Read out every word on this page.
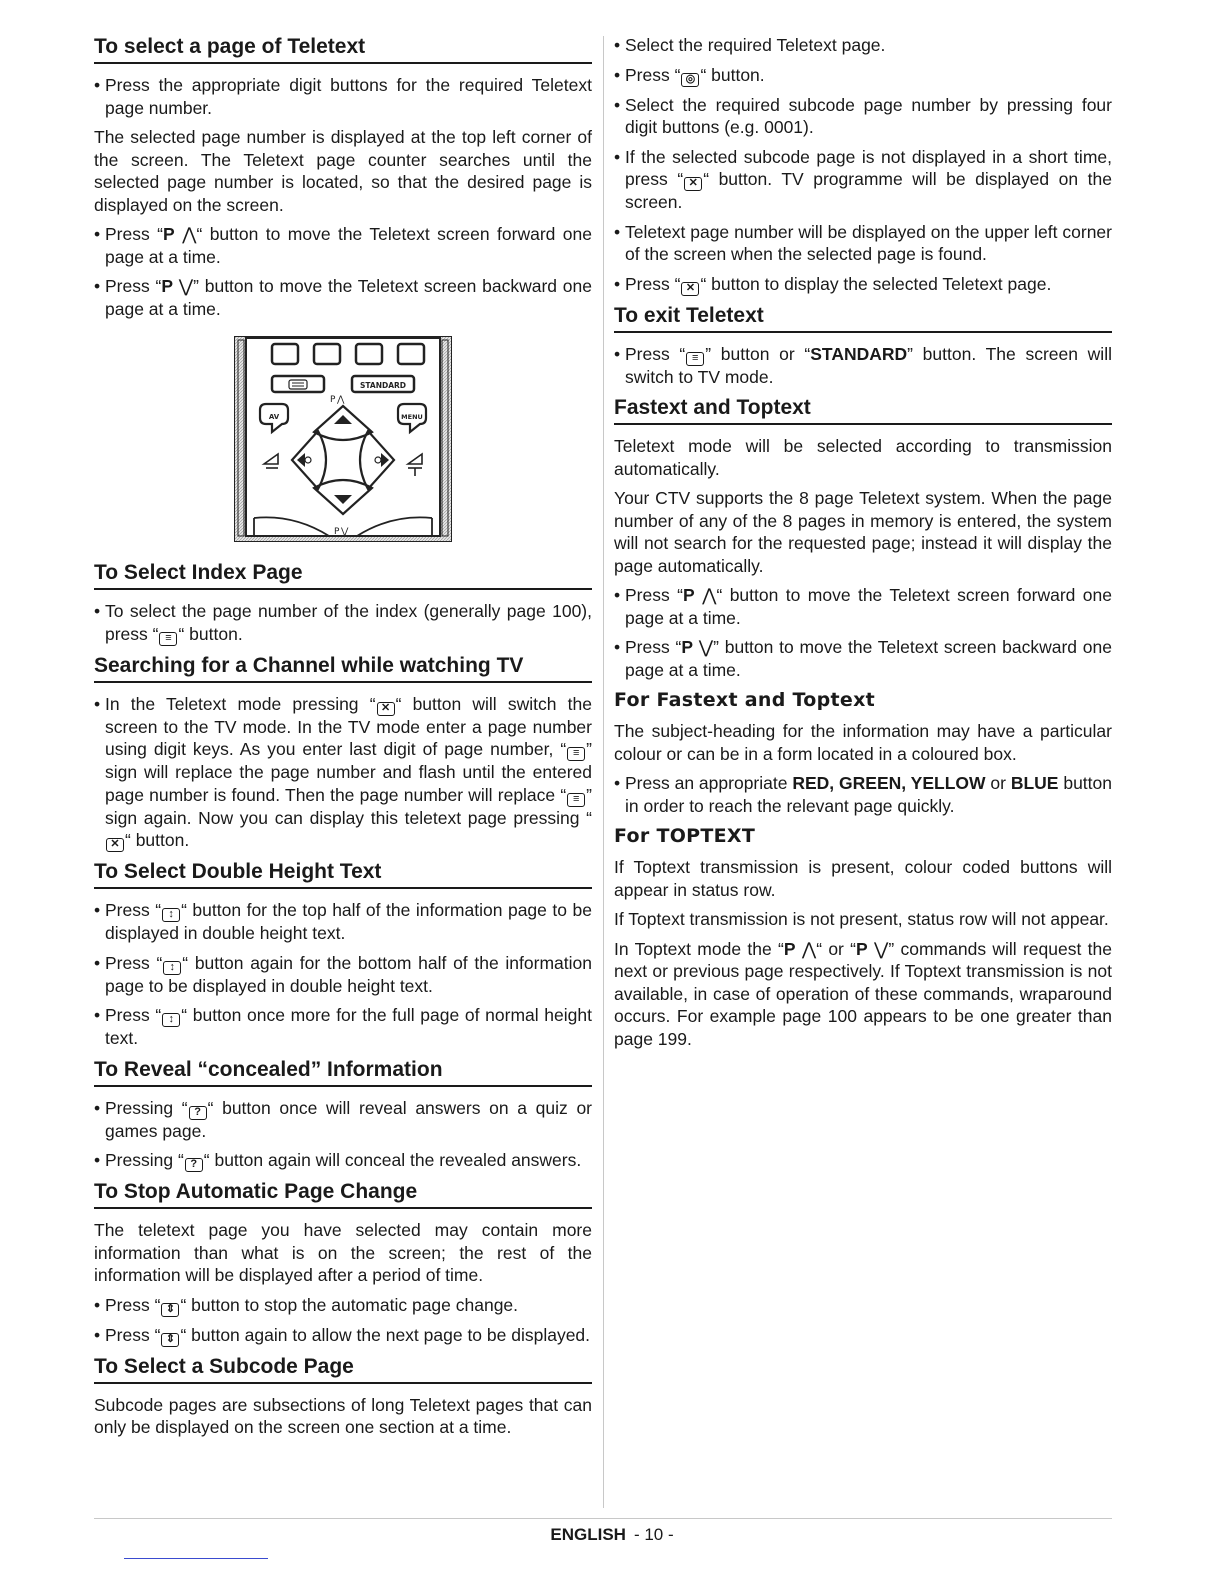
To select a page of Teletext
• Press the appropriate digit buttons for the required Teletext page number.

The selected page number is displayed at the top left corner of the screen. The Teletext page counter searches until the selected page number is located, so that the desired page is displayed on the screen.

• Press “P ⋀“ button to move the Teletext screen forward one page at a time.
• Press “P ⋁” button to move the Teletext screen backward one page at a time.
STANDARD
AV	MENU
P ⋀
P ⋁
To Select Index Page
• To select the page number of the index (generally page 100), press “ ≡ “ button.
Searching for a Channel while watching TV
• In the Teletext mode pressing “ ✕ “ button will switch the screen to the TV mode. In the TV mode enter a page number using digit keys. As you enter last digit of page number, “ ≡ ” sign will replace the page number and flash until the entered page number is found. Then the page number will replace “ ≡ ” sign again. Now you can display this teletext page pressing “✕ “ button.
To Select Double Height Text
• Press “ ↕ “ button for the top half of the information page to be displayed in double height text.
• Press “ ↕ “ button again for the bottom half of the information page to be displayed in double height text.
• Press “ ↕ “ button once more for the full page of normal height text.
To Reveal “concealed” Information
• Pressing “ ? “ button once will reveal answers on a quiz or games page.
• Pressing “ ? “ button again will conceal the revealed answers.
To Stop Automatic Page Change

The teletext page you have selected may contain more information than what is on the screen; the rest of the information will be displayed after a period of time.

• Press “ ⇕ “ button to stop the automatic page change.
• Press “ ⇕ “ button again to allow the next page to be displayed.
To Select a Subcode Page

Subcode pages are subsections of long Teletext pages that can only be displayed on the screen one section at a time.

• Select the required Teletext page.
• Press “ ◎ “ button.
• Select the required subcode page number by pressing four digit buttons (e.g. 0001).
• If the selected subcode page is not displayed in a short time, press “ ✕ “ button. TV programme will be displayed on the screen.
• Teletext page number will be displayed on the upper left corner of the screen when the selected page is found.
• Press “ ✕ “ button to display the selected Teletext page.
To exit Teletext
• Press “ ≡ ” button or “STANDARD” button. The screen will switch to TV mode.
Fastext and Toptext

Teletext mode will be selected according to transmission automatically.

Your CTV supports the 8 page Teletext system. When the page number of any of the 8 pages in memory is entered, the system will not search for the requested page; instead it will display the page automatically.

• Press “P ⋀“ button to move the Teletext screen forward one page at a time.
• Press “P ⋁” button to move the Teletext screen backward one page at a time.
For Fastext and Toptext

The subject-heading for the information may have a particular colour or can be in a form located in a coloured box.

• Press an appropriate RED, GREEN, YELLOW or BLUE button in order to reach the relevant page quickly.
For TOPTEXT

If Toptext transmission is present, colour coded buttons will appear in status row.

If Toptext transmission is not present, status row will not appear.

In Toptext mode the “P ⋀“ or “P ⋁” commands will request the next or previous page respectively. If Toptext transmission is not available, in case of operation of these commands, wraparound occurs. For example page 100 appears to be one greater than page 199.

ENGLISH - 10 -
